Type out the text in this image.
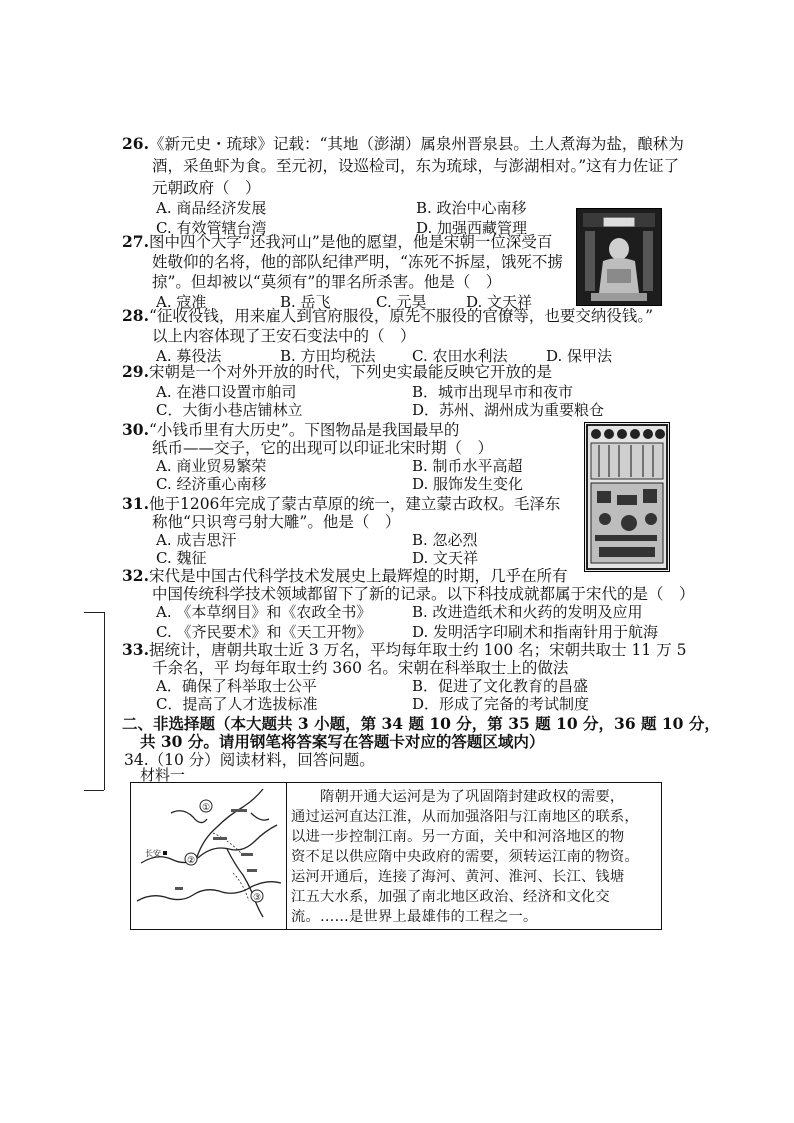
26.《新元史・琉球》记载：“其地（澎湖）属泉州晋泉县。土人煮海为盐，酿秫为
酒，采鱼虾为食。至元初，设巡检司，东为琉球，与澎湖相对。”这有力佐证了
元朝政府（　）
A. 商品经济发展	B. 政治中心南移
C. 有效管辖台湾	D. 加强西藏管理	▆▆▆▆
27.图中四个大字“还我河山”是他的愿望，他是宋朝一位深受百
姓敬仰的名将，他的部队纪律严明，“冻死不拆屋，饿死不掳
掠”。但却被以“莫须有”的罪名所杀害。他是（　）
A. 寇准	B. 岳飞	C. 元昊	D. 文天祥
28.“征收役钱，用来雇人到官府服役，原先不服役的官僚等，也要交纳役钱。”
以上内容体现了王安石变法中的（　）
A. 募役法	B. 方田均税法 C. 农田水利法	D. 保甲法
29.宋朝是一个对外开放的时代，下列史实最能反映它开放的是
A. 在港口设置市舶司	B．城市出现早市和夜市
C．大街小巷店铺林立	D．苏州、湖州成为重要粮仓
30.“小钱币里有大历史”。下图物品是我国最早的
纸币——交子，它的出现可以印证北宋时期（　）
A. 商业贸易繁荣	B. 制币水平高超
C. 经济重心南移	D. 服饰发生变化
31.他于1206年完成了蒙古草原的统一，建立蒙古政权。毛泽东
称他“只识弯弓射大雕”。他是（　）
A. 成吉思汗	B. 忽必烈
C. 魏征	D. 文天祥
32.宋代是中国古代科学技术发展史上最辉煌的时期，几乎在所有
中国传统科学技术领域都留下了新的记录。以下科技成就都属于宋代的是（　）
A. 《本草纲目》和《农政全书》	B. 改进造纸术和火药的发明及应用
C. 《齐民要术》和《天工开物》	D. 发明活字印刷术和指南针用于航海
33.据统计，唐朝共取士近 3 万名，平均每年取士约 100 名；宋朝共取士 11 万 5
千余名，平 均每年取士约 360 名。宋朝在科举取士上的做法
A．确保了科举取士公平	B．促进了文化教育的昌盛
C．提高了人才选拔标准	D．形成了完备的考试制度
二、非选择题（本大题共 3 小题，第 34 题 10 分，第 35 题 10 分，36 题 10 分，
共 30 分。请用钢笔将答案写在答题卡对应的答题区域内）
34.（10 分）阅读材料，回答问题。
材料一
①
②
③
长安

　　隋朝开通大运河是为了巩固隋封建政权的需要，

通过运河直达江淮，从而加强洛阳与江南地区的联系，

以进一步控制江南。另一方面，关中和河洛地区的物

资不足以供应隋中央政府的需要，须转运江南的物资。

运河开通后，连接了海河、黄河、淮河、长江、钱塘

江五大水系，加强了南北地区政治、经济和文化交

流。……是世界上最雄伟的工程之一。
